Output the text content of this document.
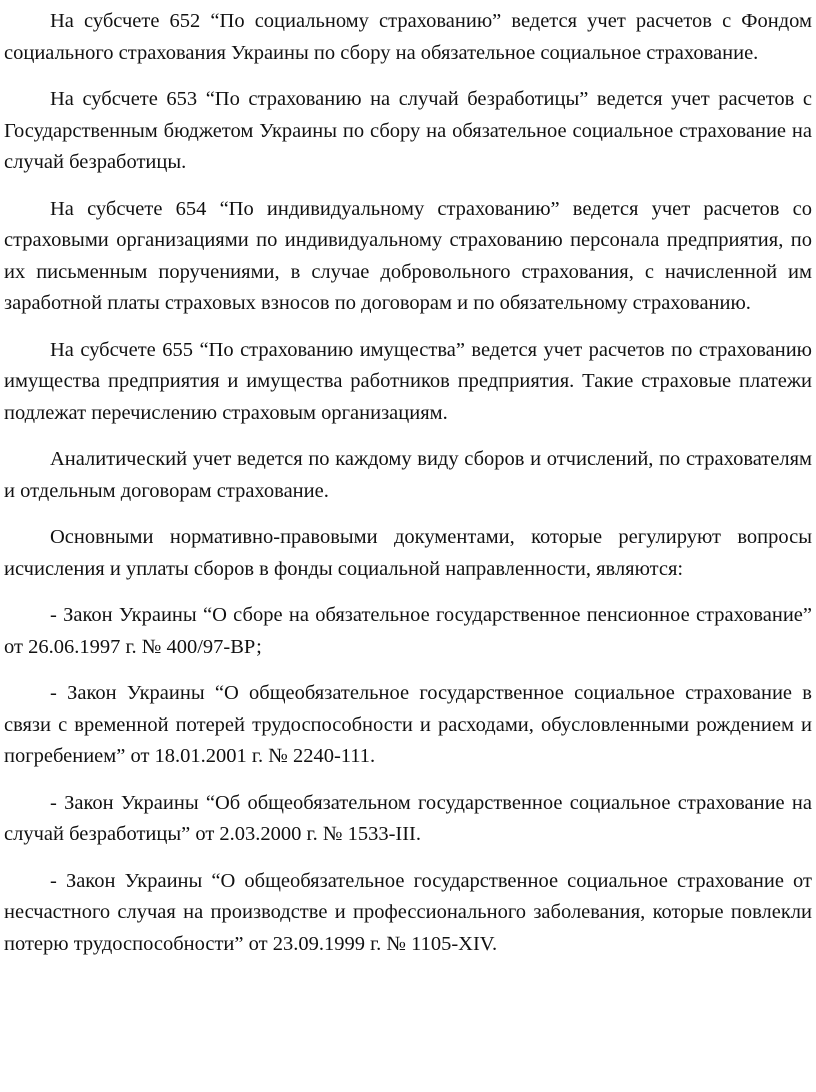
На субсчете 652 “По социальному страхованию” ведется учет расчетов с Фондом социального страхования Украины по сбору на обязательное социальное страхование.

На субсчете 653 “По страхованию на случай безработицы” ведется учет расчетов с Государственным бюджетом Украины по сбору на обязательное социальное страхование на случай безработицы.

На субсчете 654 “По индивидуальному страхованию” ведется учет расчетов со страховыми организациями по индивидуальному страхованию персонала предприятия, по их письменным поручениями, в случае добровольного страхования, с начисленной им заработной платы страховых взносов по договорам и по обязательному страхованию.

На субсчете 655 “По страхованию имущества” ведется учет расчетов по страхованию имущества предприятия и имущества работников предприятия. Такие страховые платежи подлежат перечислению страховым организациям.

Аналитический учет ведется по каждому виду сборов и отчислений, по страхователям и отдельным договорам страхование.

Основными нормативно-правовыми документами, которые регулируют вопросы исчисления и уплаты сборов в фонды социальной направленности, являются:

- Закон Украины “О сборе на обязательное государственное пенсионное страхование” от 26.06.1997 г. № 400/97-ВР;

- Закон Украины “О общеобязательное государственное социальное страхование в связи с временной потерей трудоспособности и расходами, обусловленными рождением и погребением” от 18.01.2001 г. № 2240-111.

- Закон Украины “Об общеобязательном государственное социальное страхование на случай безработицы” от 2.03.2000 г. № 1533-III.

- Закон Украины “О общеобязательное государственное социальное страхование от несчастного случая на производстве и профессионального заболевания, которые повлекли потерю трудоспособности” от 23.09.1999 г. № 1105-XIV.
